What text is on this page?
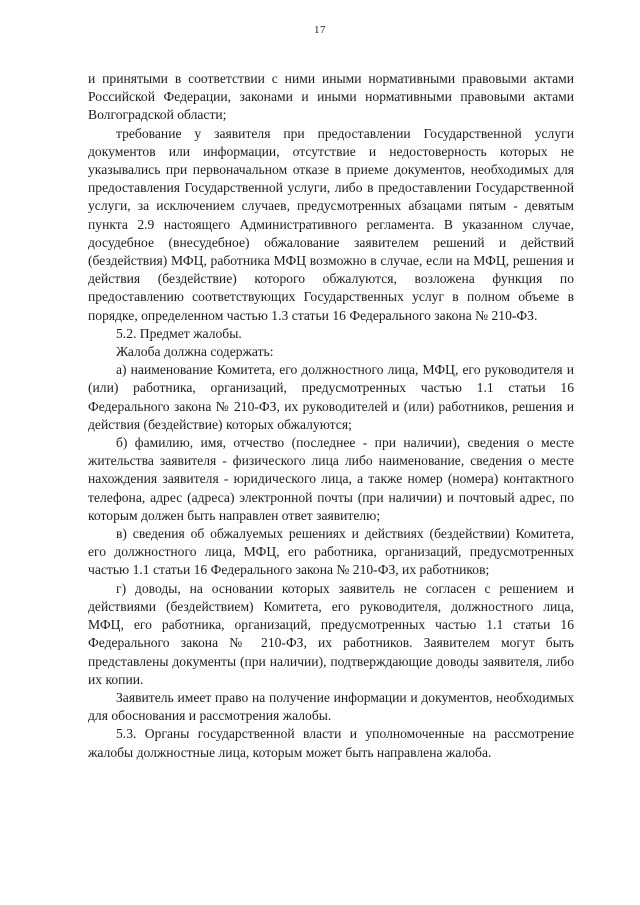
17

и принятыми в соответствии с ними иными нормативными правовыми актами Российской Федерации, законами и иными нормативными правовыми актами Волгоградской области;

требование у заявителя при предоставлении Государственной услуги документов или информации, отсутствие и недостоверность которых не указывались при первоначальном отказе в приеме документов, необходимых для предоставления Государственной услуги, либо в предоставлении Государственной услуги, за исключением случаев, предусмотренных абзацами пятым - девятым пункта 2.9 настоящего Административного регламента. В указанном случае, досудебное (внесудебное) обжалование заявителем решений и действий (бездействия) МФЦ, работника МФЦ возможно в случае, если на МФЦ, решения и действия (бездействие) которого обжалуются, возложена функция по предоставлению соответствующих Государственных услуг в полном объеме в порядке, определенном частью 1.3 статьи 16 Федерального закона № 210-ФЗ.

5.2. Предмет жалобы.

Жалоба должна содержать:

а) наименование Комитета, его должностного лица, МФЦ, его руководителя и (или) работника, организаций, предусмотренных частью 1.1 статьи 16 Федерального закона № 210-ФЗ, их руководителей и (или) работников, решения и действия (бездействие) которых обжалуются;

б) фамилию, имя, отчество (последнее - при наличии), сведения о месте жительства заявителя - физического лица либо наименование, сведения о месте нахождения заявителя - юридического лица, а также номер (номера) контактного телефона, адрес (адреса) электронной почты (при наличии) и почтовый адрес, по которым должен быть направлен ответ заявителю;

в) сведения об обжалуемых решениях и действиях (бездействии) Комитета, его должностного лица, МФЦ, его работника, организаций, предусмотренных частью 1.1 статьи 16 Федерального закона № 210-ФЗ, их работников;

г) доводы, на основании которых заявитель не согласен с решением и действиями (бездействием) Комитета, его руководителя, должностного лица, МФЦ, его работника, организаций, предусмотренных частью 1.1 статьи 16 Федерального закона № 210-ФЗ, их работников. Заявителем могут быть представлены документы (при наличии), подтверждающие доводы заявителя, либо их копии.

Заявитель имеет право на получение информации и документов, необходимых для обоснования и рассмотрения жалобы.

5.3. Органы государственной власти и уполномоченные на рассмотрение жалобы должностные лица, которым может быть направлена жалоба.
